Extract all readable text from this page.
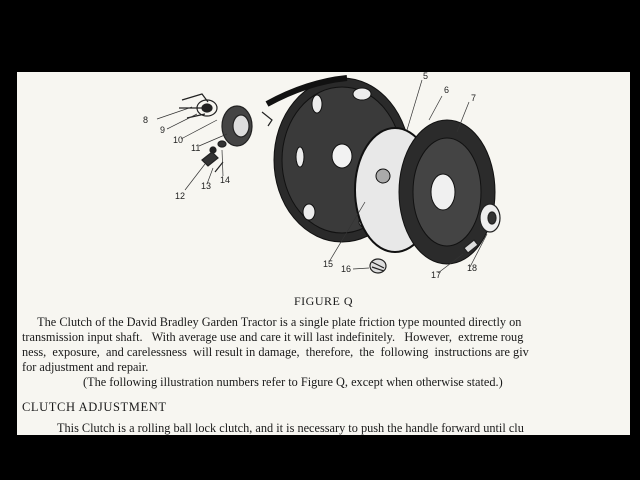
8
9
10
11
12
13
14
5
6
7
15 16
17
18
FIGURE Q
The Clutch of the David Bradley Garden Tractor is a single plate friction type mounted directly on
transmission input shaft.   With average use and care it will last indefinitely.   However,  extreme roug
ness,  exposure,  and carelessness  will result in damage,  therefore,  the  following  instructions are giv
for adjustment and repair.
(The following illustration numbers refer to Figure Q, except when otherwise stated.)
CLUTCH ADJUSTMENT
This Clutch is a rolling ball lock clutch, and it is necessary to push the handle forward until clu
